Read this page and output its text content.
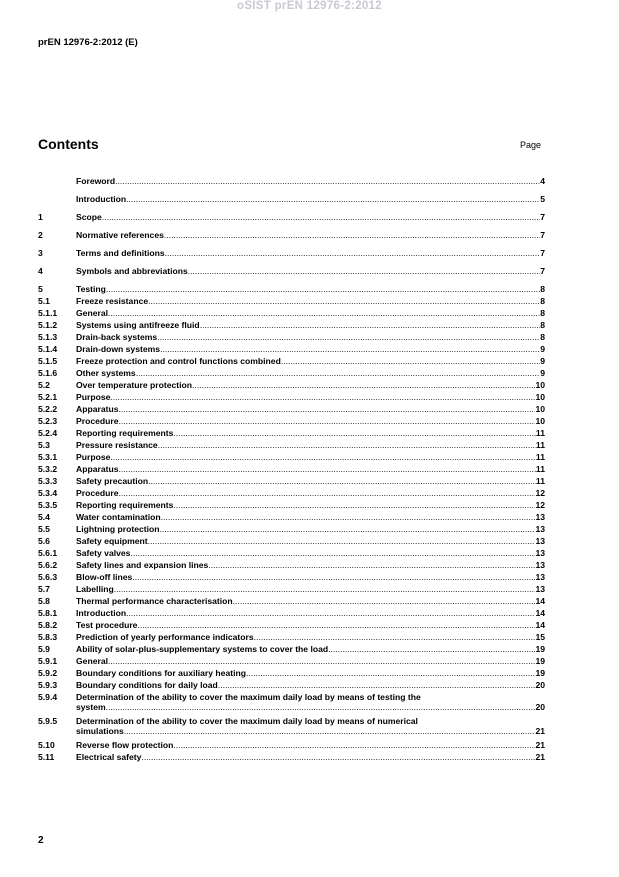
oSIST prEN 12976-2:2012
prEN 12976-2:2012 (E)
Contents	Page
Foreword .....	4
Introduction .....	5
1	Scope .....	7
2	Normative references .....	7
3	Terms and definitions .....	7
4	Symbols and abbreviations .....	7
5	Testing .....	8
5.1	Freeze resistance .....	8
5.1.1	General .....	8
5.1.2	Systems using antifreeze fluid .....	8
5.1.3	Drain-back systems .....	8
5.1.4	Drain-down systems .....	9
5.1.5	Freeze protection and control functions combined .....	9
5.1.6	Other systems .....	9
5.2	Over temperature protection .....	10
5.2.1	Purpose .....	10
5.2.2	Apparatus .....	10
5.2.3	Procedure .....	10
5.2.4	Reporting requirements .....	11
5.3	Pressure resistance .....	11
5.3.1	Purpose .....	11
5.3.2	Apparatus .....	11
5.3.3	Safety precaution .....	11
5.3.4	Procedure .....	12
5.3.5	Reporting requirements .....	12
5.4	Water contamination .....	13
5.5	Lightning protection .....	13
5.6	Safety equipment .....	13
5.6.1	Safety valves .....	13
5.6.2	Safety lines and expansion lines .....	13
5.6.3	Blow-off lines .....	13
5.7	Labelling .....	13
5.8	Thermal performance characterisation .....	14
5.8.1	Introduction .....	14
5.8.2	Test procedure .....	14
5.8.3	Prediction of yearly performance indicators .....	15
5.9	Ability of solar-plus-supplementary systems to cover the load .....	19
5.9.1	General .....	19
5.9.2	Boundary conditions for auxiliary heating .....	19
5.9.3	Boundary conditions for daily load .....	20
5.9.4	Determination of the ability to cover the maximum daily load by means of testing the
system .....	20
5.9.5	Determination of the ability to cover the maximum daily load by means of numerical
simulations .....	21
5.10	Reverse flow protection .....	21
5.11	Electrical safety .....	21
2
